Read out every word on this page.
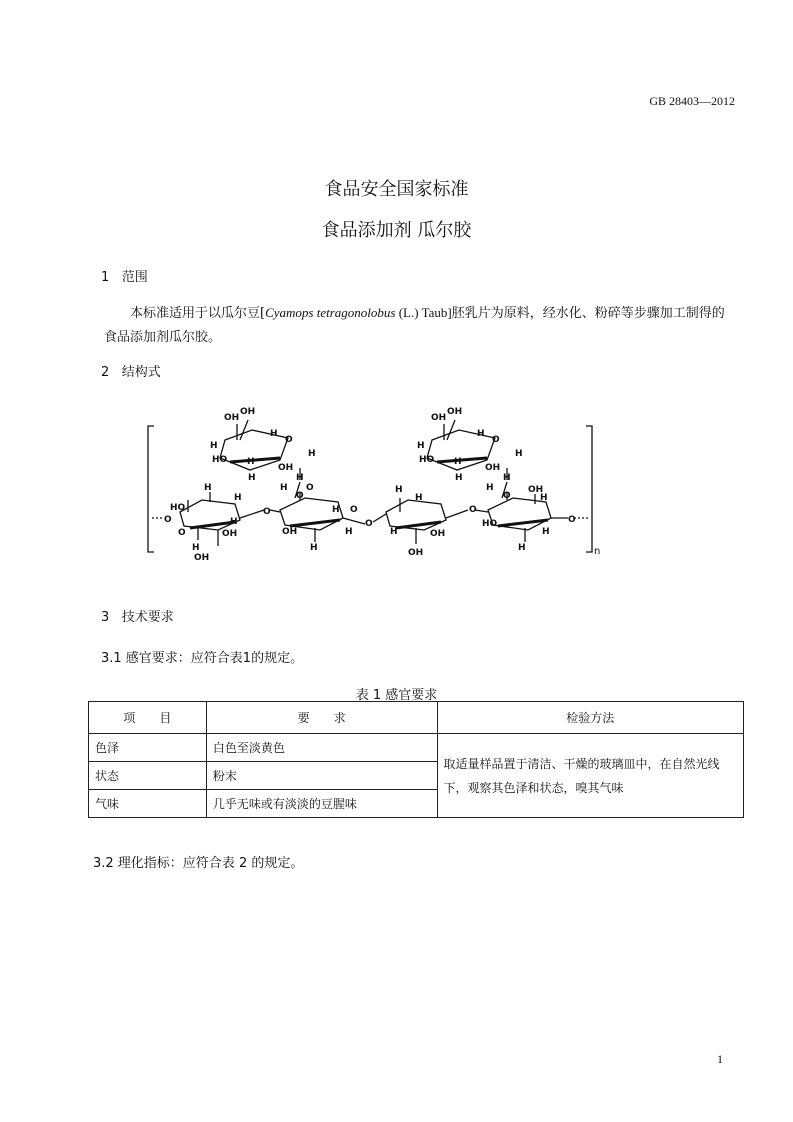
GB 28403—2012
食品安全国家标准
食品添加剂 瓜尔胶
1 范围
本标准适用于以瓜尔豆[Cyamops tetragonolobus (L.) Taub]胚乳片为原料，经水化、粉碎等步骤加工制得的食品添加剂瓜尔胶。
2 结构式
OH
OH
H
O
H
HO H
OH
H
H	H
O
OH
OH
H
O
H
HO H
OH
H
H	H
O
O
HO
H
H
O
H
OH
OH
H
O
H O
OH
H
H O
H
O
H
H
H
OH
OH
O
H	OH
H
HO
H
H
O
n
3 技术要求
3.1 感官要求：应符合表1的规定。
表 1 感官要求
项　　目	要　　求	检验方法
色泽	白色至淡黄色	取适量样品置于清洁、干燥的玻璃皿中，在自然光线下，观察其色泽和状态，嗅其气味
状态	粉末	
气味	几乎无味或有淡淡的豆腥味	
3.2 理化指标：应符合表 2 的规定。
1
